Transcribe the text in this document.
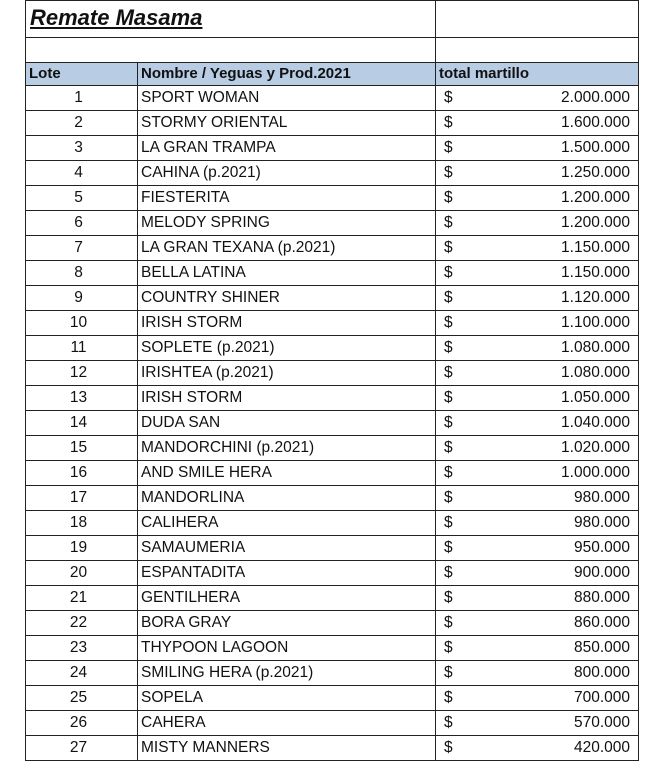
Remate Masama		

Lote	Nombre / Yeguas y Prod.2021	total martillo
1	SPORT WOMAN	$ 2.000.000

2	STORMY ORIENTAL	$ 1.600.000

3	LA GRAN TRAMPA	$ 1.500.000

4	CAHINA (p.2021)	$ 1.250.000

5	FIESTERITA	$ 1.200.000

6	MELODY SPRING	$ 1.200.000

7	LA GRAN TEXANA (p.2021)	$ 1.150.000

8	BELLA LATINA	$ 1.150.000

9	COUNTRY SHINER	$ 1.120.000

10	IRISH STORM	$ 1.100.000

11	SOPLETE (p.2021)	$ 1.080.000

12	IRISHTEA (p.2021)	$ 1.080.000

13	IRISH STORM	$ 1.050.000

14	DUDA SAN	$ 1.040.000

15	MANDORCHINI (p.2021)	$ 1.020.000

16	AND SMILE HERA	$ 1.000.000

17	MANDORLINA	$ 980.000

18	CALIHERA	$ 980.000

19	SAMAUMERIA	$ 950.000

20	ESPANTADITA	$ 900.000

21	GENTILHERA	$ 880.000

22	BORA GRAY	$ 860.000

23	THYPOON LAGOON	$ 850.000

24	SMILING HERA (p.2021)	$ 800.000

25	SOPELA	$ 700.000

26	CAHERA	$ 570.000

27	MISTY MANNERS	$ 420.000
